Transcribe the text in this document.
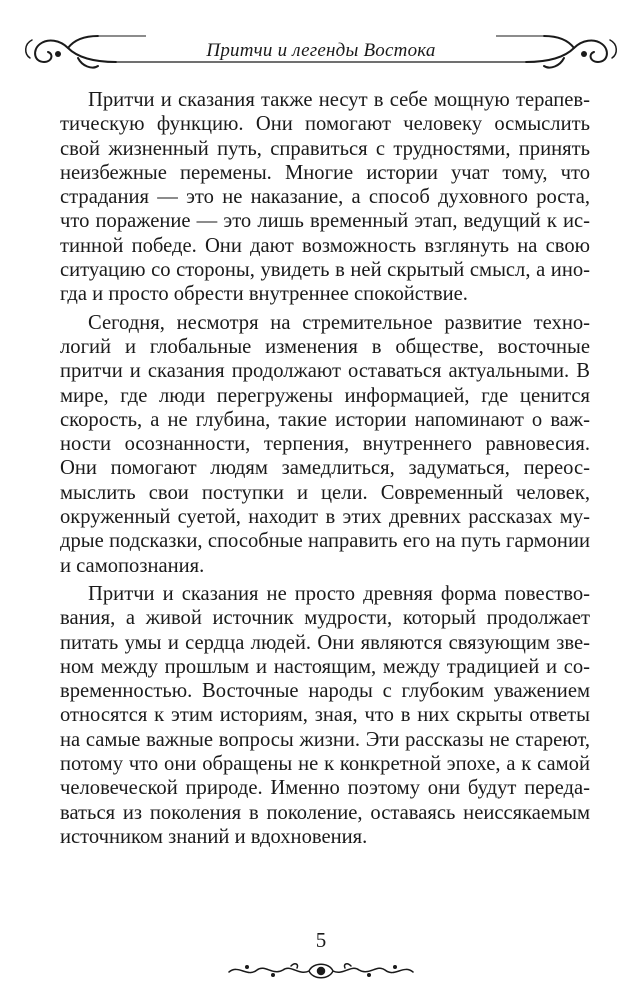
Притчи и легенды Востока

Притчи и сказания также несут в себе мощную терапевтическую функцию. Они помогают человеку осмыслить свой жизненный путь, справиться с трудностями, принять неизбежные перемены. Многие истории учат тому, что страдания — это не наказание, а способ духовного роста, что поражение — это лишь временный этап, ведущий к истинной победе. Они дают возможность взглянуть на свою ситуацию со стороны, увидеть в ней скрытый смысл, а иногда и просто обрести внутреннее спокойствие.

Сегодня, несмотря на стремительное развитие технологий и глобальные изменения в обществе, восточные притчи и сказания продолжают оставаться актуальными. В мире, где люди перегружены информацией, где ценится скорость, а не глубина, такие истории напоминают о важности осознанности, терпения, внутреннего равновесия. Они помогают людям замедлиться, задуматься, переосмыслить свои поступки и цели. Современный человек, окруженный суетой, находит в этих древних рассказах мудрые подсказки, способные направить его на путь гармонии и самопознания.

Притчи и сказания не просто древняя форма повествования, а живой источник мудрости, который продолжает питать умы и сердца людей. Они являются связующим звеном между прошлым и настоящим, между традицией и современностью. Восточные народы с глубоким уважением относятся к этим историям, зная, что в них скрыты ответы на самые важные вопросы жизни. Эти рассказы не стареют, потому что они обращены не к конкретной эпохе, а к самой человеческой природе. Именно поэтому они будут передаваться из поколения в поколение, оставаясь неиссякаемым источником знаний и вдохновения.

5
